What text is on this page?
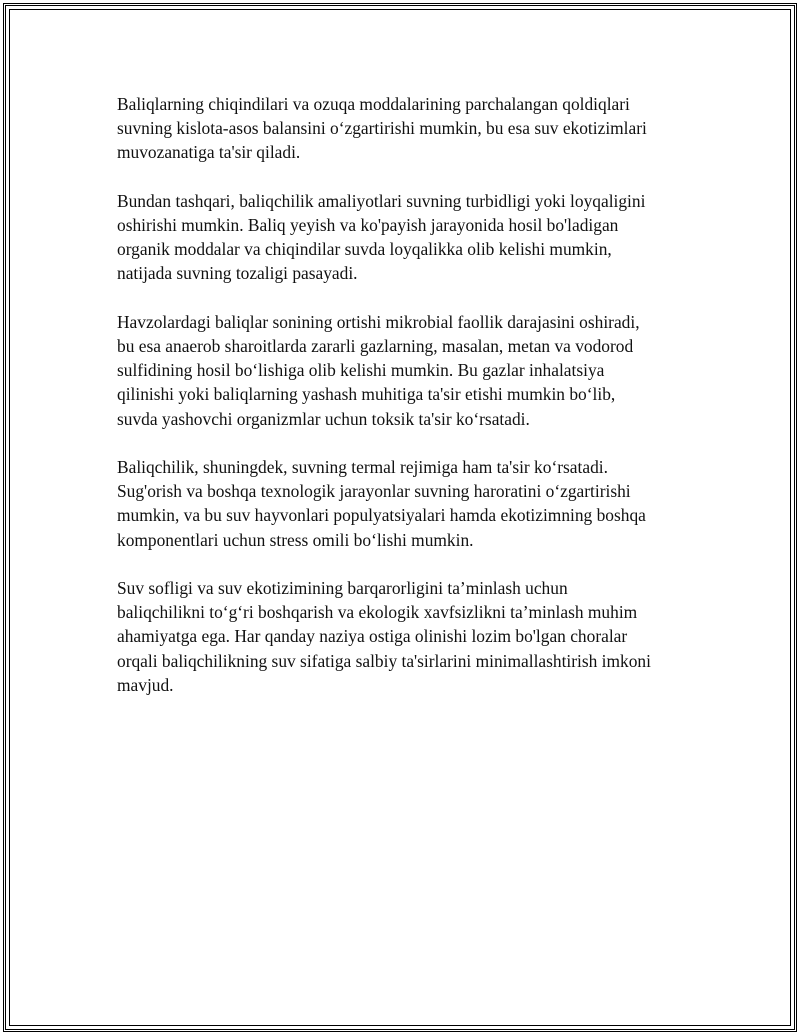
Baliqlarning chiqindilari va ozuqa moddalarining parchalangan qoldiqlari
suvning kislota-asos balansini o‘zgartirishi mumkin, bu esa suv ekotizimlari
muvozanatiga ta'sir qiladi.

Bundan tashqari, baliqchilik amaliyotlari suvning turbidligi yoki loyqaligini
oshirishi mumkin. Baliq yeyish va ko'payish jarayonida hosil bo'ladigan
organik moddalar va chiqindilar suvda loyqalikka olib kelishi mumkin,
natijada suvning tozaligi pasayadi.

Havzolardagi baliqlar sonining ortishi mikrobial faollik darajasini oshiradi,
bu esa anaerob sharoitlarda zararli gazlarning, masalan, metan va vodorod
sulfidining hosil bo‘lishiga olib kelishi mumkin. Bu gazlar inhalatsiya
qilinishi yoki baliqlarning yashash muhitiga ta'sir etishi mumkin bo‘lib,
suvda yashovchi organizmlar uchun toksik ta'sir ko‘rsatadi.

Baliqchilik, shuningdek, suvning termal rejimiga ham ta'sir ko‘rsatadi.
Sug'orish va boshqa texnologik jarayonlar suvning haroratini o‘zgartirishi
mumkin, va bu suv hayvonlari populyatsiyalari hamda ekotizimning boshqa
komponentlari uchun stress omili bo‘lishi mumkin.

Suv sofligi va suv ekotizimining barqarorligini ta’minlash uchun
baliqchilikni to‘g‘ri boshqarish va ekologik xavfsizlikni ta’minlash muhim
ahamiyatga ega. Har qanday naziya ostiga olinishi lozim bo'lgan choralar
orqali baliqchilikning suv sifatiga salbiy ta'sirlarini minimallashtirish imkoni
mavjud.
